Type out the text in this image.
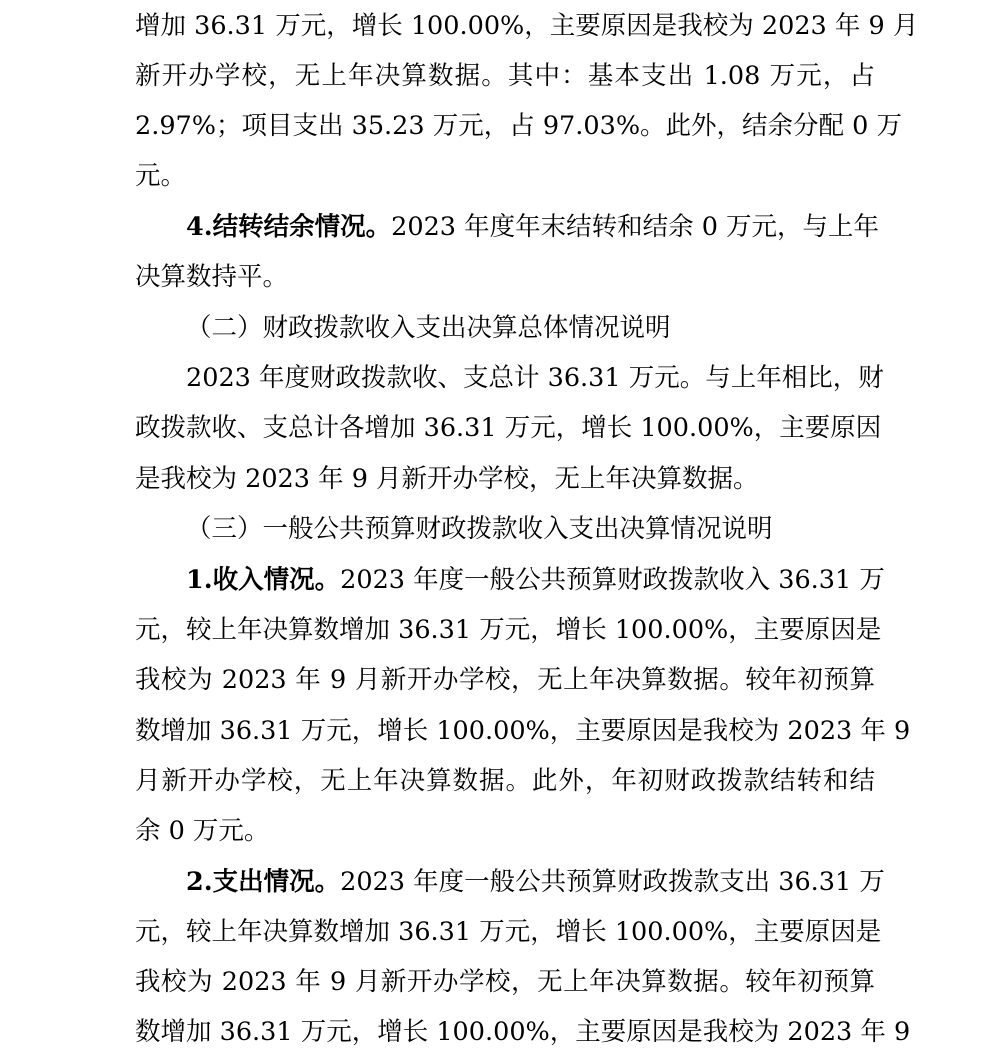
增加 36.31 万元，增长 100.00%，主要原因是我校为 2023 年 9 月
新开办学校，无上年决算数据。其中：基本支出 1.08 万元，占
2.97%；项目支出 35.23 万元，占 97.03%。此外，结余分配 0 万
元。
4.结转结余情况。2023 年度年末结转和结余 0 万元，与上年
决算数持平。
（二）财政拨款收入支出决算总体情况说明
2023 年度财政拨款收、支总计 36.31 万元。与上年相比，财
政拨款收、支总计各增加 36.31 万元，增长 100.00%，主要原因
是我校为 2023 年 9 月新开办学校，无上年决算数据。
（三）一般公共预算财政拨款收入支出决算情况说明
1.收入情况。2023 年度一般公共预算财政拨款收入 36.31 万
元，较上年决算数增加 36.31 万元，增长 100.00%，主要原因是
我校为 2023 年 9 月新开办学校，无上年决算数据。较年初预算
数增加 36.31 万元，增长 100.00%，主要原因是我校为 2023 年 9
月新开办学校，无上年决算数据。此外，年初财政拨款结转和结
余 0 万元。
2.支出情况。2023 年度一般公共预算财政拨款支出 36.31 万
元，较上年决算数增加 36.31 万元，增长 100.00%，主要原因是
我校为 2023 年 9 月新开办学校，无上年决算数据。较年初预算
数增加 36.31 万元，增长 100.00%，主要原因是我校为 2023 年 9
